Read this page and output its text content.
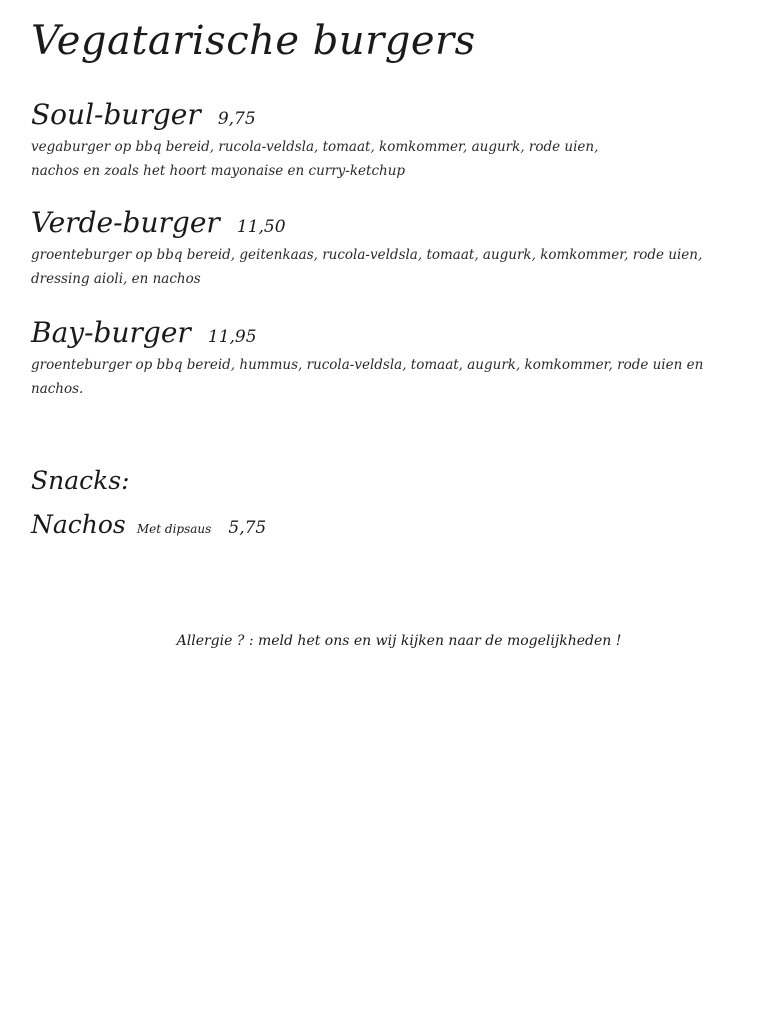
Vegatarische burgers
Soul-burger 9,75
vegaburger op bbq bereid, rucola-veldsla, tomaat, komkommer, augurk, rode uien,
nachos en zoals het hoort mayonaise en curry-ketchup
Verde-burger 11,50
groenteburger op bbq bereid, geitenkaas, rucola-veldsla, tomaat, augurk, komkommer, rode uien,
dressing aioli, en nachos
Bay-burger 11,95
groenteburger op bbq bereid, hummus, rucola-veldsla, tomaat, augurk, komkommer, rode uien en
nachos.
Snacks:
Nachos Met dipsaus 5,75
Allergie ? : meld het ons en wij kijken naar de mogelijkheden !
